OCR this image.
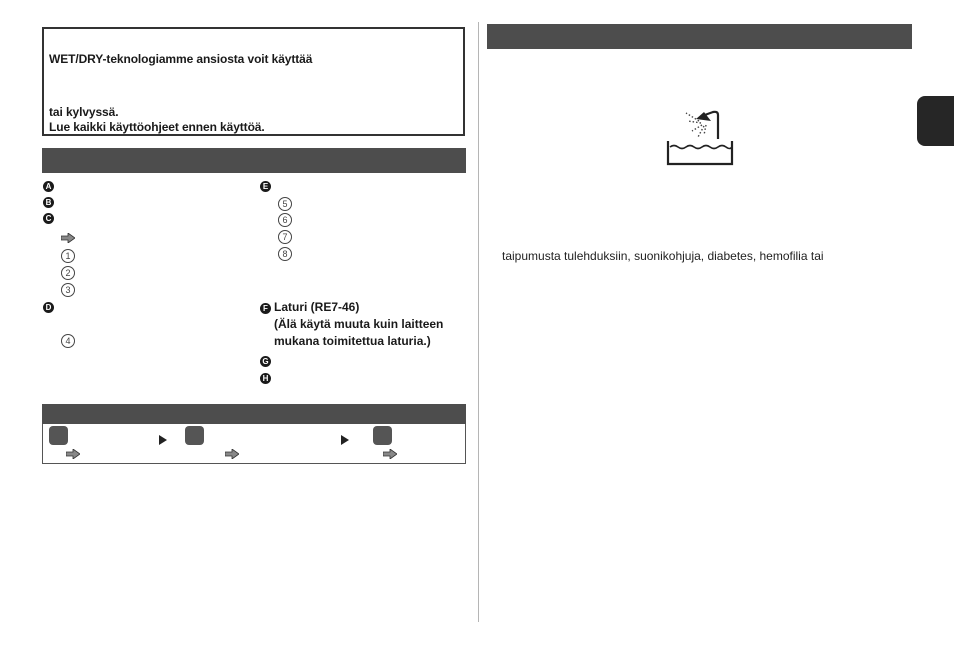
WET/DRY-teknologiamme ansiosta voit käyttää
tai kylvyssä.
Lue kaikki käyttöohjeet ennen käyttöä.
A
B
C
1
2
3
D
4
E
5
6
7
8
F Laturi (RE7-46)
(Älä käytä muuta kuin laitteen
mukana toimitettua laturia.)
G
H
taipumusta tulehduksiin, suonikohjuja, diabetes, hemofilia tai
